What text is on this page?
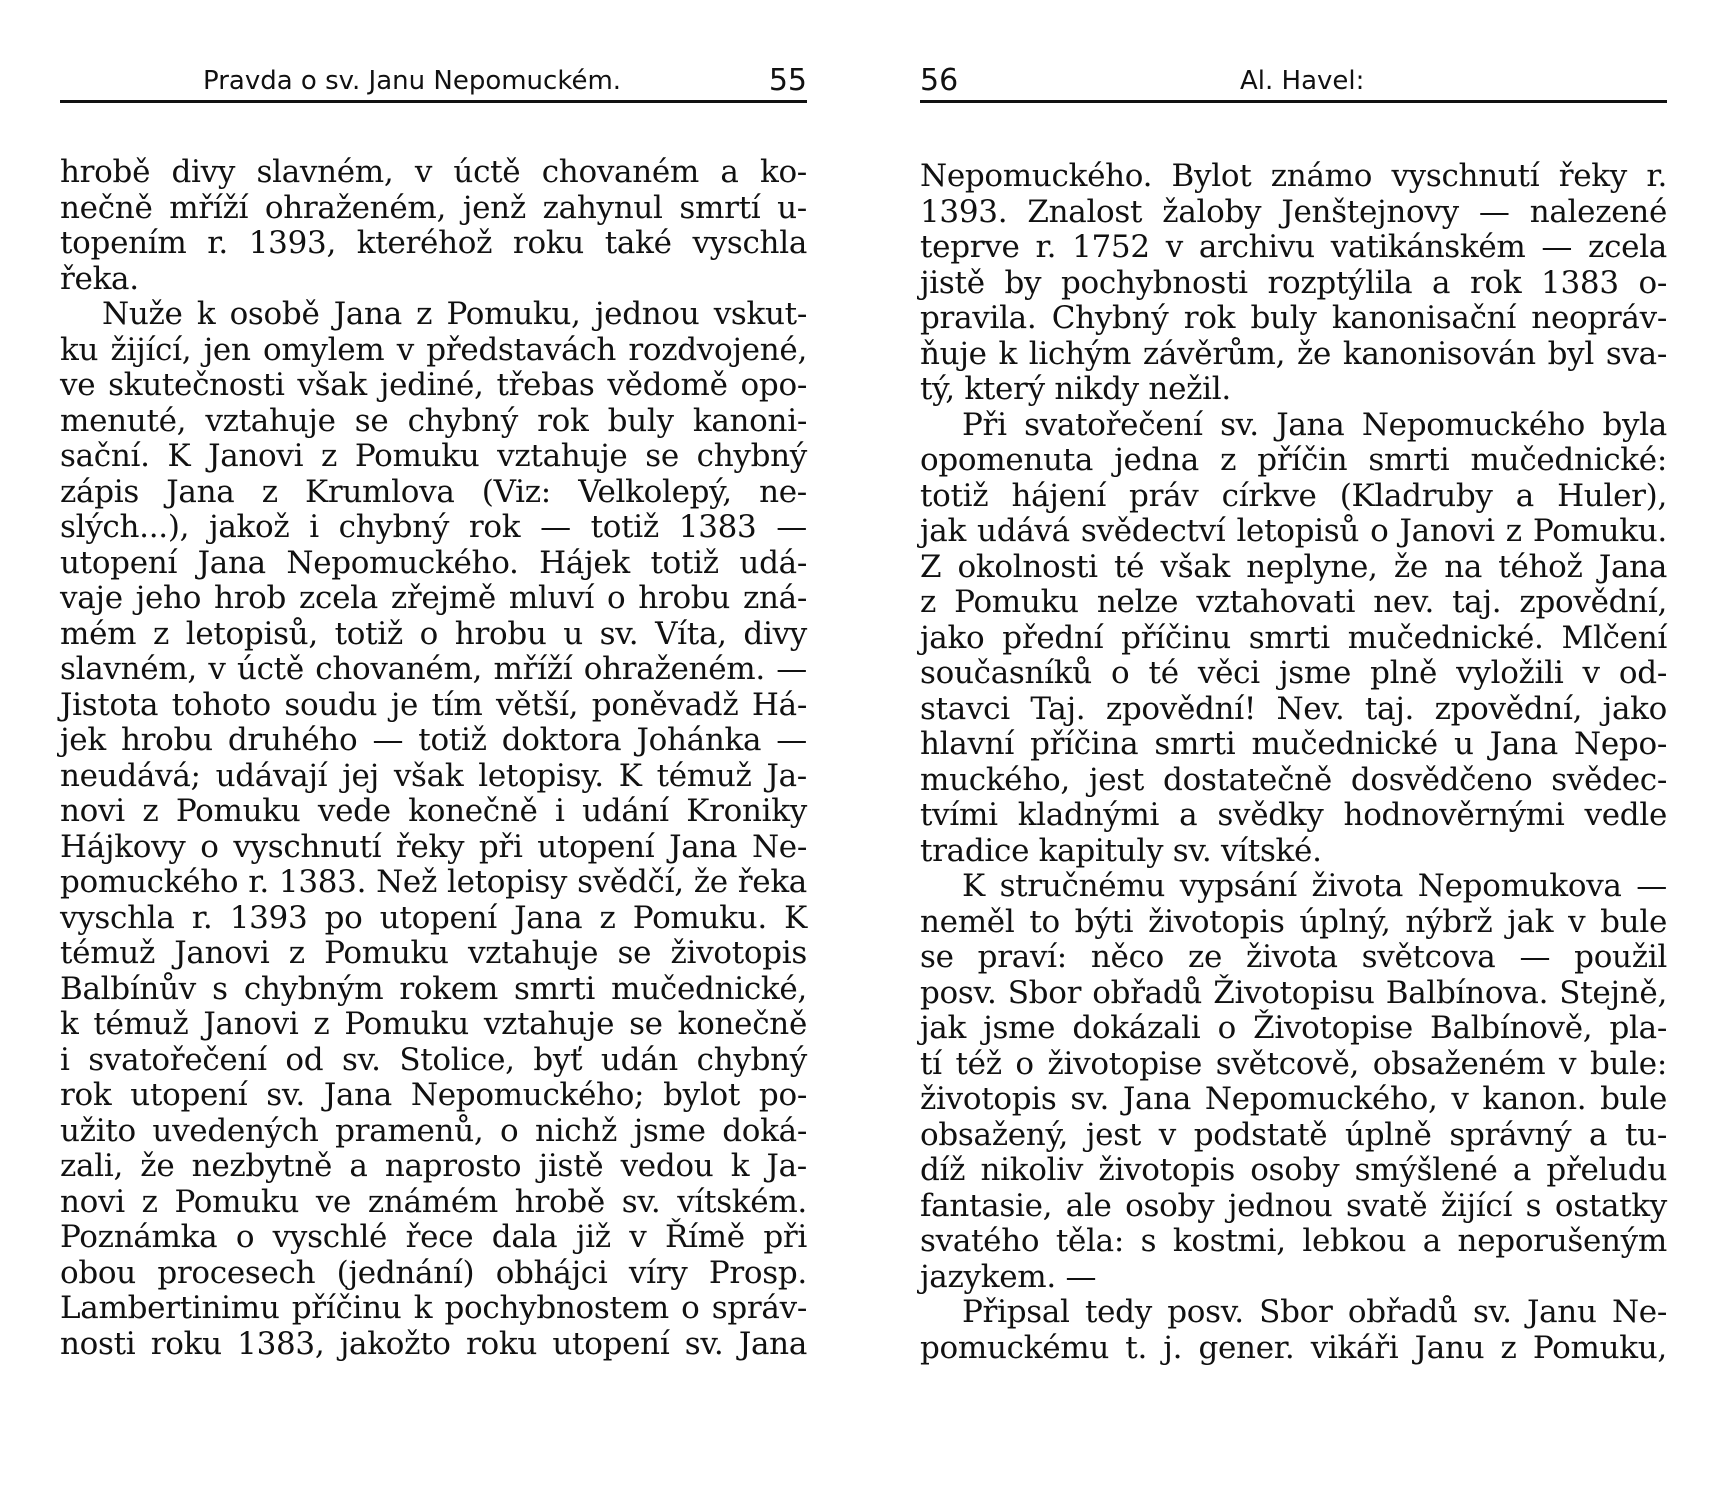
Pravda o sv. Janu Nepomuckém.	55
hrobě divy slavném, v úctě chovaném a ko-
nečně mříží ohraženém, jenž zahynul smrtí u-
topením r. 1393, kteréhož roku také vyschla
řeka.
Nuže k osobě Jana z Pomuku, jednou vskut-
ku žijící, jen omylem v představách rozdvojené,
ve skutečnosti však jediné, třebas vědomě opo-
menuté, vztahuje se chybný rok buly kanoni-
sační. K Janovi z Pomuku vztahuje se chybný
zápis Jana z Krumlova (Viz: Velkolepý, ne-
slých...), jakož i chybný rok — totiž 1383 —
utopení Jana Nepomuckého. Hájek totiž udá-
vaje jeho hrob zcela zřejmě mluví o hrobu zná-
mém z letopisů, totiž o hrobu u sv. Víta, divy
slavném, v úctě chovaném, mříží ohraženém. —
Jistota tohoto soudu je tím větší, poněvadž Há-
jek hrobu druhého — totiž doktora Johánka —
neudává; udávají jej však letopisy. K témuž Ja-
novi z Pomuku vede konečně i udání Kroniky
Hájkovy o vyschnutí řeky při utopení Jana Ne-
pomuckého r. 1383. Než letopisy svědčí, že řeka
vyschla r. 1393 po utopení Jana z Pomuku. K
témuž Janovi z Pomuku vztahuje se životopis
Balbínův s chybným rokem smrti mučednické,
k témuž Janovi z Pomuku vztahuje se konečně
i svatořečení od sv. Stolice, byť udán chybný
rok utopení sv. Jana Nepomuckého; bylot po-
užito uvedených pramenů, o nichž jsme doká-
zali, že nezbytně a naprosto jistě vedou k Ja-
novi z Pomuku ve známém hrobě sv. vítském.
Poznámka o vyschlé řece dala již v Římě při
obou procesech (jednání) obhájci víry Prosp.
Lambertinimu příčinu k pochybnostem o správ-
nosti roku 1383, jakožto roku utopení sv. Jana
56	Al. Havel:
Nepomuckého. Bylot známo vyschnutí řeky r.
1393. Znalost žaloby Jenštejnovy — nalezené
teprve r. 1752 v archivu vatikánském — zcela
jistě by pochybnosti rozptýlila a rok 1383 o-
pravila. Chybný rok buly kanonisační neopráv-
ňuje k lichým závěrům, že kanonisován byl sva-
tý, který nikdy nežil.
Při svatořečení sv. Jana Nepomuckého byla
opomenuta jedna z příčin smrti mučednické:
totiž hájení práv církve (Kladruby a Huler),
jak udává svědectví letopisů o Janovi z Pomuku.
Z okolnosti té však neplyne, že na téhož Jana
z Pomuku nelze vztahovati nev. taj. zpovědní,
jako přední příčinu smrti mučednické. Mlčení
současníků o té věci jsme plně vyložili v od-
stavci Taj. zpovědní! Nev. taj. zpovědní, jako
hlavní příčina smrti mučednické u Jana Nepo-
muckého, jest dostatečně dosvědčeno svědec-
tvími kladnými a svědky hodnověrnými vedle
tradice kapituly sv. vítské.
K stručnému vypsání života Nepomukova —
neměl to býti životopis úplný, nýbrž jak v bule
se praví: něco ze života světcova — použil
posv. Sbor obřadů Životopisu Balbínova. Stejně,
jak jsme dokázali o Životopise Balbínově, pla-
tí též o životopise světcově, obsaženém v bule:
životopis sv. Jana Nepomuckého, v kanon. bule
obsažený, jest v podstatě úplně správný a tu-
díž nikoliv životopis osoby smýšlené a přeludu
fantasie, ale osoby jednou svatě žijící s ostatky
svatého těla: s kostmi, lebkou a neporušeným
jazykem. —
Připsal tedy posv. Sbor obřadů sv. Janu Ne-
pomuckému t. j. gener. vikáři Janu z Pomuku,
